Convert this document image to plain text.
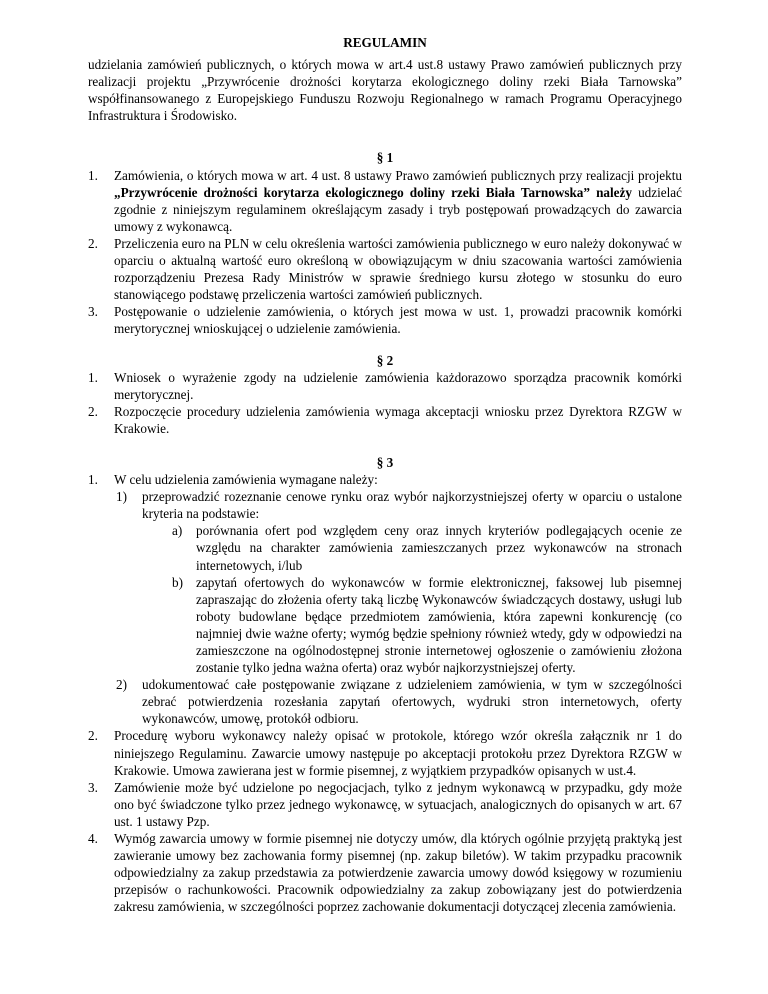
REGULAMIN

udzielania zamówień publicznych, o których mowa w art.4 ust.8 ustawy Prawo zamówień publicznych przy realizacji projektu „Przywrócenie drożności korytarza ekologicznego doliny rzeki Biała Tarnowska” współfinansowanego z Europejskiego Funduszu Rozwoju Regionalnego w ramach Programu Operacyjnego Infrastruktura i Środowisko.

§ 1
1. Zamówienia, o których mowa w art. 4 ust. 8 ustawy Prawo zamówień publicznych przy realizacji projektu „Przywrócenie drożności korytarza ekologicznego doliny rzeki Biała Tarnowska” należy udzielać zgodnie z niniejszym regulaminem określającym zasady i tryb postępowań prowadzących do zawarcia umowy z wykonawcą.
2. Przeliczenia euro na PLN w celu określenia wartości zamówienia publicznego w euro należy dokonywać w oparciu o aktualną wartość euro określoną w obowiązującym w dniu szacowania wartości zamówienia rozporządzeniu Prezesa Rady Ministrów w sprawie średniego kursu złotego w stosunku do euro stanowiącego podstawę przeliczenia wartości zamówień publicznych.
3. Postępowanie o udzielenie zamówienia, o których jest mowa w ust. 1, prowadzi pracownik komórki merytorycznej wnioskującej o udzielenie zamówienia.
§ 2
1. Wniosek o wyrażenie zgody na udzielenie zamówienia każdorazowo sporządza pracownik komórki merytorycznej.
2. Rozpoczęcie procedury udzielenia zamówienia wymaga akceptacji wniosku przez Dyrektora RZGW w Krakowie.
§ 3
1. W celu udzielenia zamówienia wymagane należy:
1) przeprowadzić rozeznanie cenowe rynku oraz wybór najkorzystniejszej oferty w oparciu o ustalone kryteria na podstawie:
a) porównania ofert pod względem ceny oraz innych kryteriów podlegających ocenie ze względu na charakter zamówienia zamieszczanych przez wykonawców na stronach internetowych, i/lub
b) zapytań ofertowych do wykonawców w formie elektronicznej, faksowej lub pisemnej zapraszając do złożenia oferty taką liczbę Wykonawców świadczących dostawy, usługi lub roboty budowlane będące przedmiotem zamówienia, która zapewni konkurencję (co najmniej dwie ważne oferty; wymóg będzie spełniony również wtedy, gdy w odpowiedzi na zamieszczone na ogólnodostępnej stronie internetowej ogłoszenie o zamówieniu złożona zostanie tylko jedna ważna oferta) oraz wybór najkorzystniejszej oferty.
2) udokumentować całe postępowanie związane z udzieleniem zamówienia, w tym w szczególności zebrać potwierdzenia rozesłania zapytań ofertowych, wydruki stron internetowych, oferty wykonawców, umowę, protokół odbioru.
2. Procedurę wyboru wykonawcy należy opisać w protokole, którego wzór określa załącznik nr 1 do niniejszego Regulaminu. Zawarcie umowy następuje po akceptacji protokołu przez Dyrektora RZGW w Krakowie. Umowa zawierana jest w formie pisemnej, z wyjątkiem przypadków opisanych w ust.4.
3. Zamówienie może być udzielone po negocjacjach, tylko z jednym wykonawcą w przypadku, gdy może ono być świadczone tylko przez jednego wykonawcę, w sytuacjach, analogicznych do opisanych w art. 67 ust. 1 ustawy Pzp.
4. Wymóg zawarcia umowy w formie pisemnej nie dotyczy umów, dla których ogólnie przyjętą praktyką jest zawieranie umowy bez zachowania formy pisemnej (np. zakup biletów). W takim przypadku pracownik odpowiedzialny za zakup przedstawia za potwierdzenie zawarcia umowy dowód księgowy w rozumieniu przepisów o rachunkowości. Pracownik odpowiedzialny za zakup zobowiązany jest do potwierdzenia zakresu zamówienia, w szczególności poprzez zachowanie dokumentacji dotyczącej zlecenia zamówienia.
